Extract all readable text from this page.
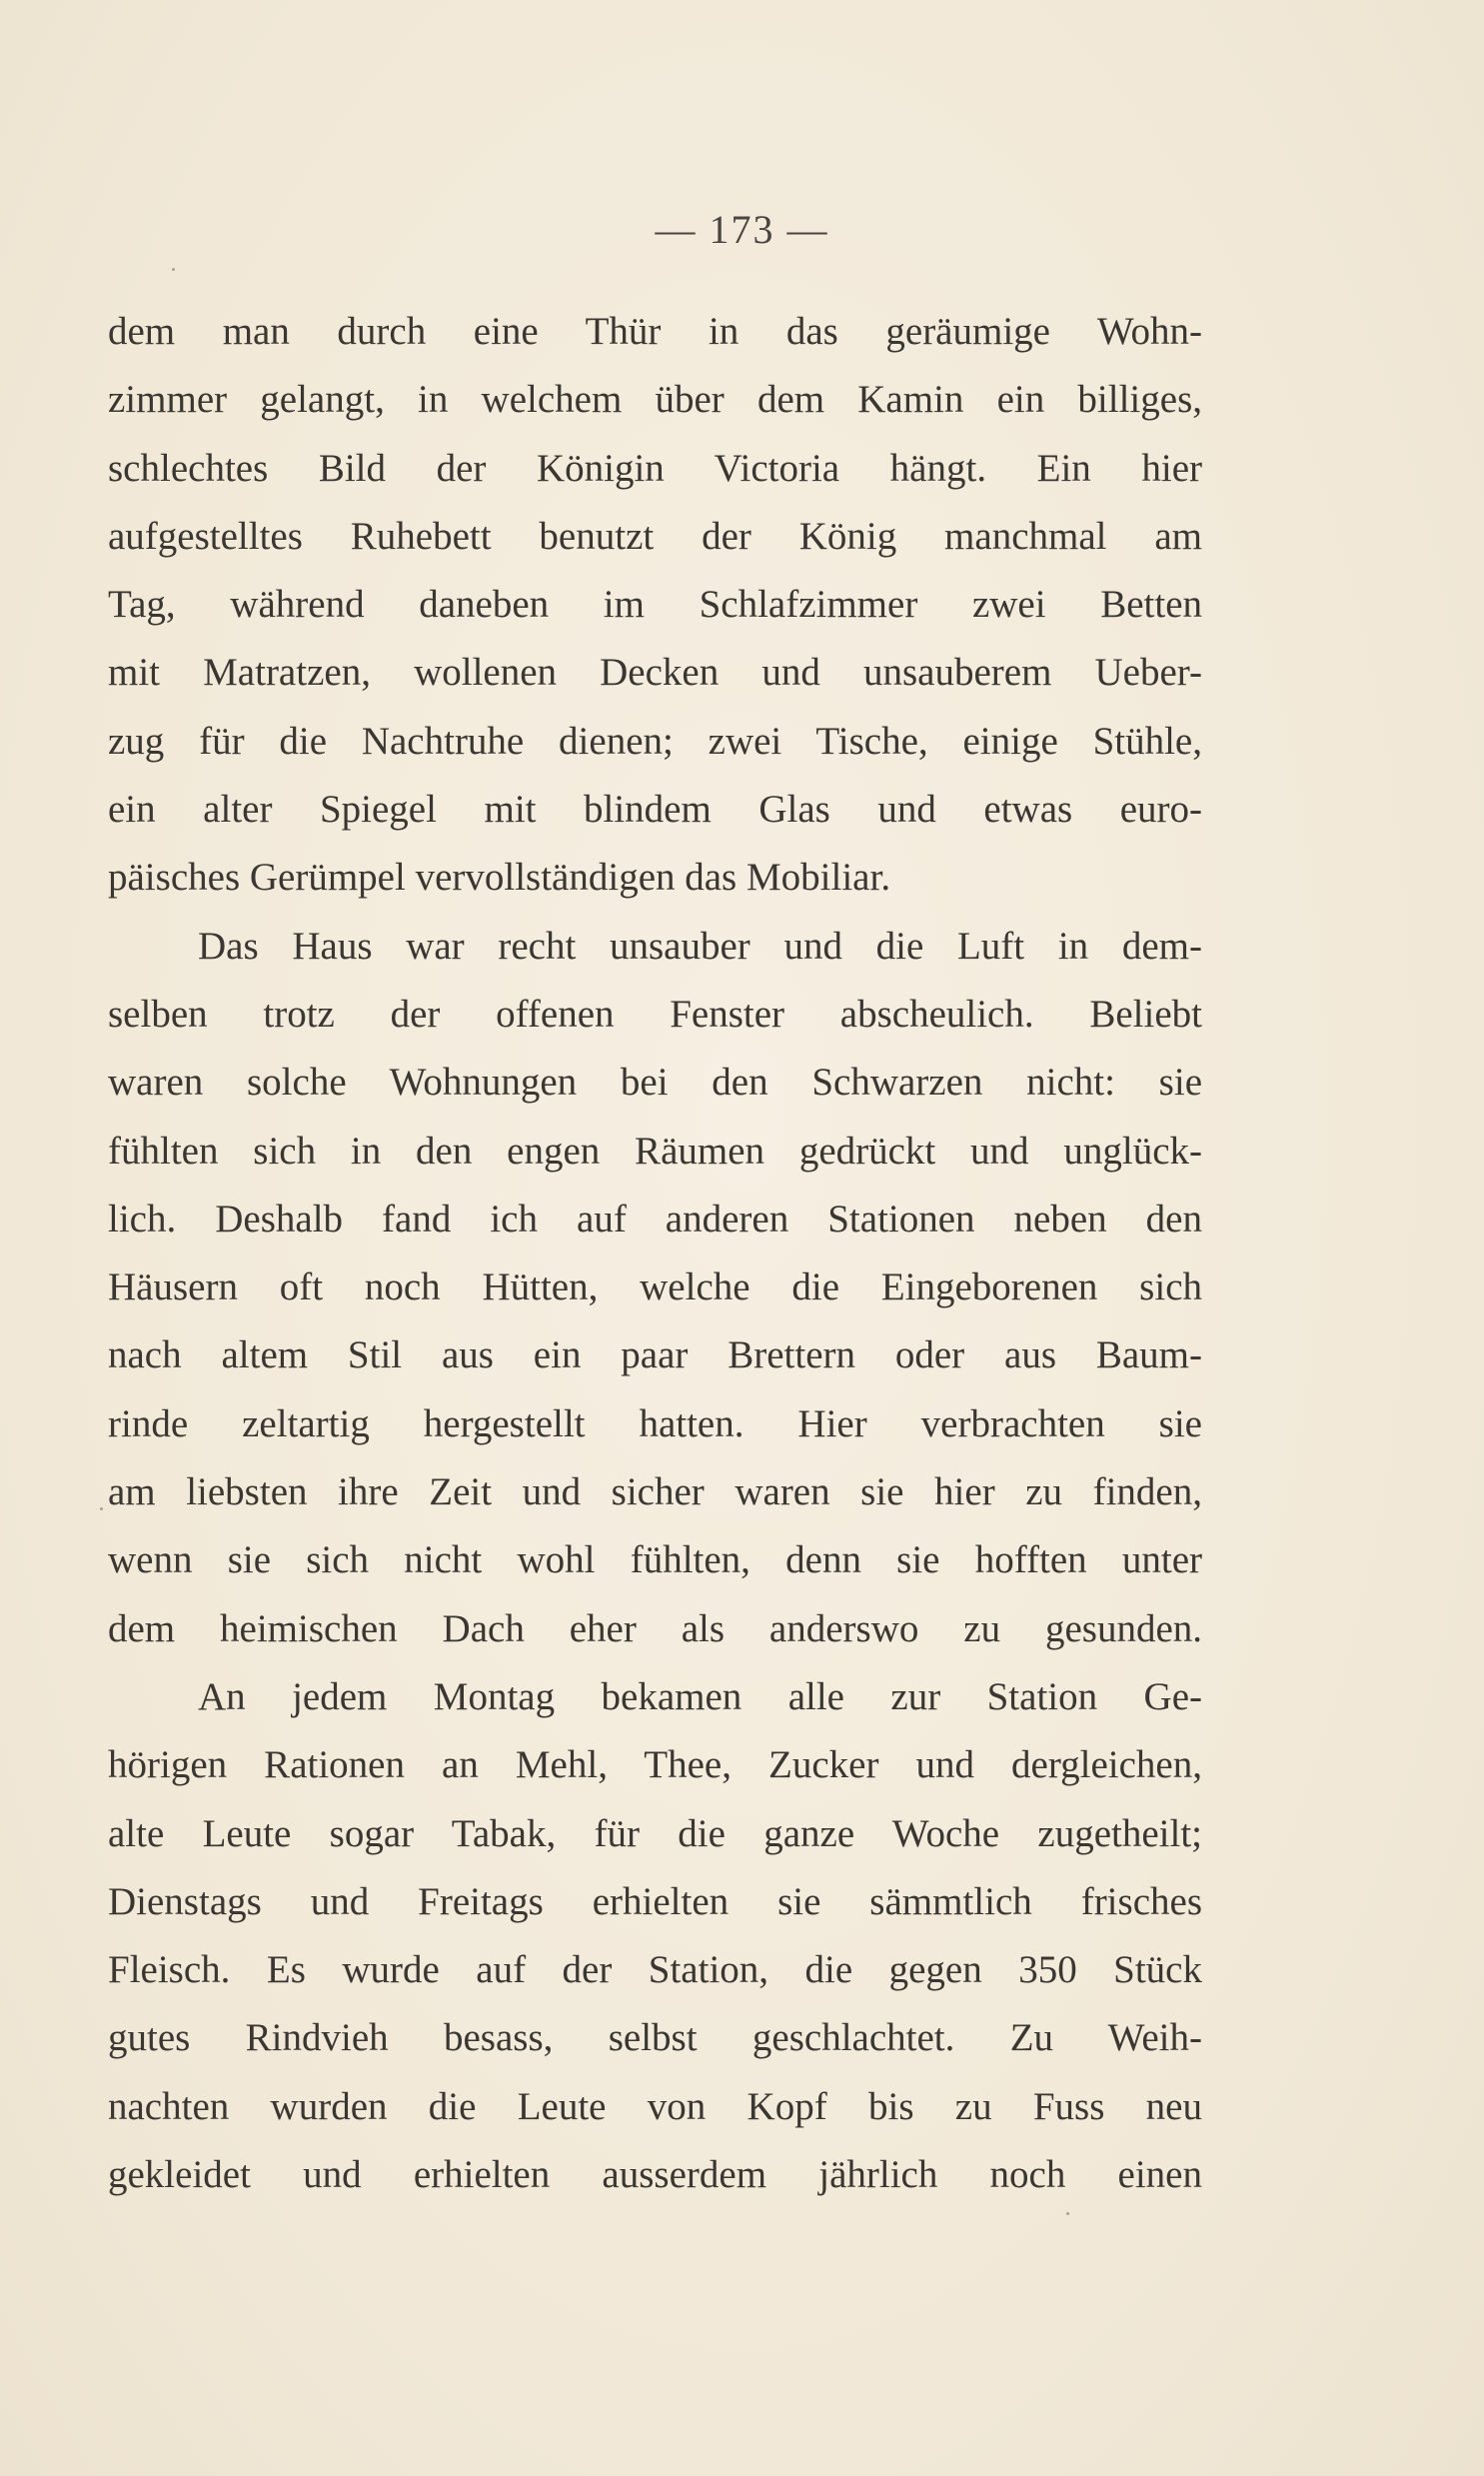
— 173 —
dem man durch eine Thür in das geräumige Wohn-
zimmer gelangt, in welchem über dem Kamin ein billiges,
schlechtes Bild der Königin Victoria hängt. Ein hier
aufgestelltes Ruhebett benutzt der König manchmal am
Tag, während daneben im Schlafzimmer zwei Betten
mit Matratzen, wollenen Decken und unsauberem Ueber-
zug für die Nachtruhe dienen; zwei Tische, einige Stühle,
ein alter Spiegel mit blindem Glas und etwas euro-
päisches Gerümpel vervollständigen das Mobiliar.
Das Haus war recht unsauber und die Luft in dem-
selben trotz der offenen Fenster abscheulich. Beliebt
waren solche Wohnungen bei den Schwarzen nicht: sie
fühlten sich in den engen Räumen gedrückt und unglück-
lich. Deshalb fand ich auf anderen Stationen neben den
Häusern oft noch Hütten, welche die Eingeborenen sich
nach altem Stil aus ein paar Brettern oder aus Baum-
rinde zeltartig hergestellt hatten. Hier verbrachten sie
am liebsten ihre Zeit und sicher waren sie hier zu finden,
wenn sie sich nicht wohl fühlten, denn sie hofften unter
dem heimischen Dach eher als anderswo zu gesunden.
An jedem Montag bekamen alle zur Station Ge-
hörigen Rationen an Mehl, Thee, Zucker und dergleichen,
alte Leute sogar Tabak, für die ganze Woche zugetheilt;
Dienstags und Freitags erhielten sie sämmtlich frisches
Fleisch. Es wurde auf der Station, die gegen 350 Stück
gutes Rindvieh besass, selbst geschlachtet. Zu Weih-
nachten wurden die Leute von Kopf bis zu Fuss neu
gekleidet und erhielten ausserdem jährlich noch einen
